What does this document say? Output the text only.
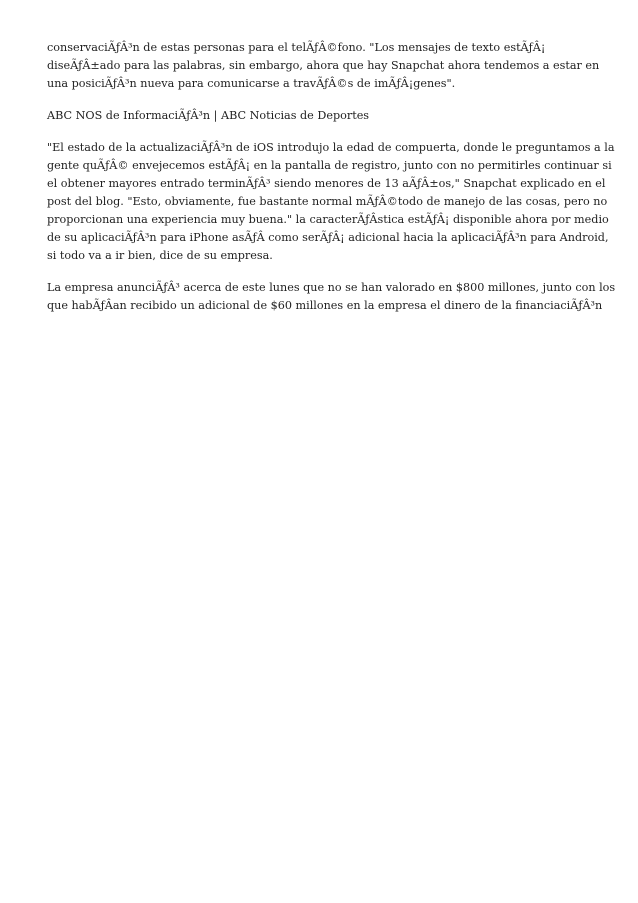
conservaciÃƒÂ³n de estas personas para el telÃƒÂ©fono. "Los mensajes de texto estÃƒÂ¡
diseÃƒÂ±ado para las palabras, sin embargo, ahora que hay Snapchat ahora tendemos a estar en
una posiciÃƒÂ³n nueva para comunicarse a travÃƒÂ©s de imÃƒÂ¡genes".

ABC NOS de InformaciÃƒÂ³n | ABC Noticias de Deportes

"El estado de la actualizaciÃƒÂ³n de iOS introdujo la edad de compuerta, donde le preguntamos a la
gente quÃƒÂ© envejecemos estÃƒÂ¡ en la pantalla de registro, junto con no permitirles continuar si
el obtener mayores entrado terminÃƒÂ³ siendo menores de 13 aÃƒÂ±os," Snapchat explicado en el
post del blog. "Esto, obviamente, fue bastante normal mÃƒÂ©todo de manejo de las cosas, pero no
proporcionan una experiencia muy buena." la caracterÃƒÂstica estÃƒÂ¡ disponible ahora por medio
de su aplicaciÃƒÂ³n para iPhone asÃƒÂ como serÃƒÂ¡ adicional hacia la aplicaciÃƒÂ³n para Android,
si todo va a ir bien, dice de su empresa.

La empresa anunciÃƒÂ³ acerca de este lunes que no se han valorado en $800 millones, junto con los
que habÃƒÂan recibido un adicional de $60 millones en la empresa el dinero de la financiaciÃƒÂ³n
